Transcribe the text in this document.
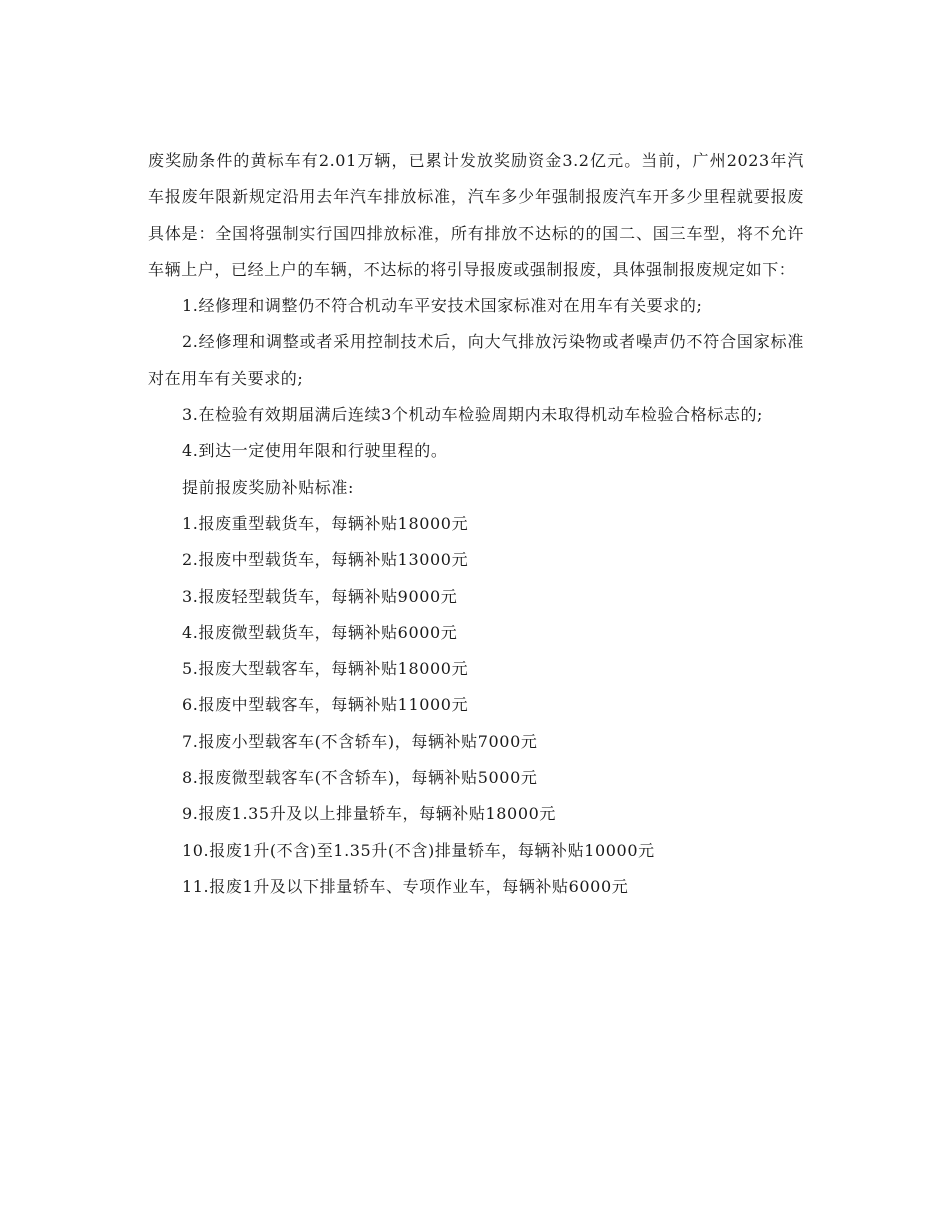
废奖励条件的黄标车有2.01万辆，已累计发放奖励资金3.2亿元。当前，广州2023年汽车报废年限新规定沿用去年汽车排放标准，汽车多少年强制报废汽车开多少里程就要报废具体是：全国将强制实行国四排放标准，所有排放不达标的的国二、国三车型，将不允许车辆上户，已经上户的车辆，不达标的将引导报废或强制报废，具体强制报废规定如下：

1.经修理和调整仍不符合机动车平安技术国家标准对在用车有关要求的;

2.经修理和调整或者采用控制技术后，向大气排放污染物或者噪声仍不符合国家标准对在用车有关要求的;

3.在检验有效期届满后连续3个机动车检验周期内未取得机动车检验合格标志的;

4.到达一定使用年限和行驶里程的。

提前报废奖励补贴标准:

1.报废重型载货车，每辆补贴18000元

2.报废中型载货车，每辆补贴13000元

3.报废轻型载货车，每辆补贴9000元

4.报废微型载货车，每辆补贴6000元

5.报废大型载客车，每辆补贴18000元

6.报废中型载客车，每辆补贴11000元

7.报废小型载客车(不含轿车)，每辆补贴7000元

8.报废微型载客车(不含轿车)，每辆补贴5000元

9.报废1.35升及以上排量轿车，每辆补贴18000元

10.报废1升(不含)至1.35升(不含)排量轿车，每辆补贴10000元

11.报废1升及以下排量轿车、专项作业车，每辆补贴6000元
